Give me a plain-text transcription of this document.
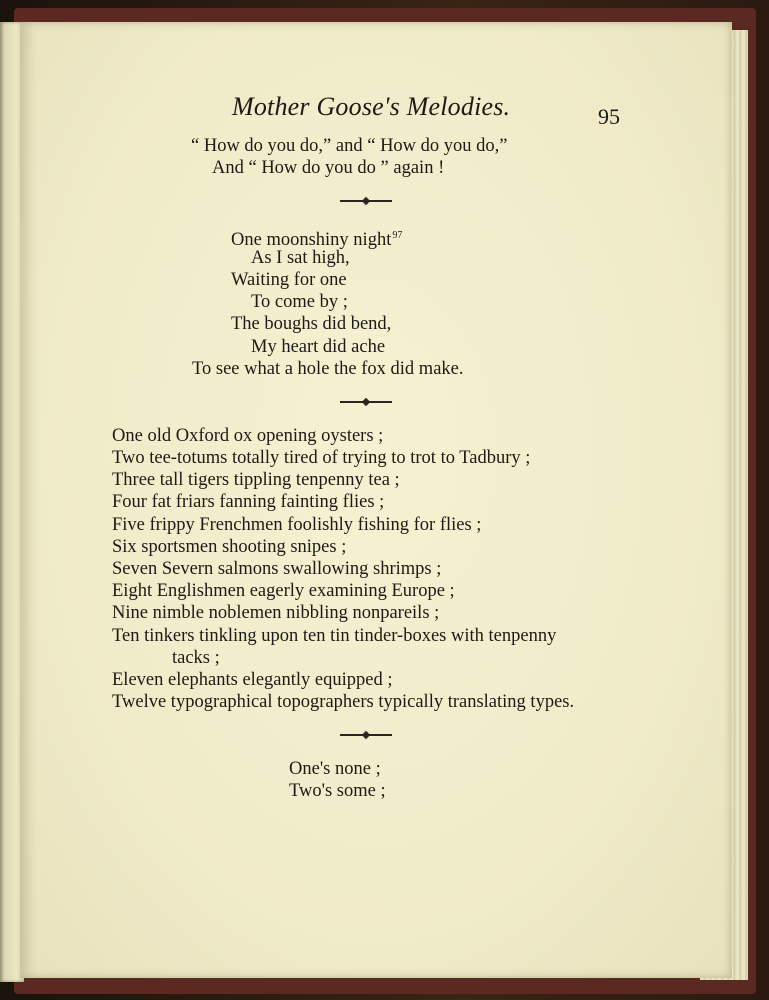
Mother Goose's Melodies.	95
“ How do you do,” and “ How do you do,”
And “ How do you do ” again !
One moonshiny night$^{97}$
As I sat high,
Waiting for one
To come by ;
The boughs did bend,
My heart did ache
To see what a hole the fox did make.
One old Oxford ox opening oysters ;
Two tee-totums totally tired of trying to trot to Tadbury ;
Three tall tigers tippling tenpenny tea ;
Four fat friars fanning fainting flies ;
Five frippy Frenchmen foolishly fishing for flies ;
Six sportsmen shooting snipes ;
Seven Severn salmons swallowing shrimps ;
Eight Englishmen eagerly examining Europe ;
Nine nimble noblemen nibbling nonpareils ;
Ten tinkers tinkling upon ten tin tinder-boxes with tenpenny
tacks ;
Eleven elephants elegantly equipped ;
Twelve typographical topographers typically translating types.
One's none ;
Two's some ;
